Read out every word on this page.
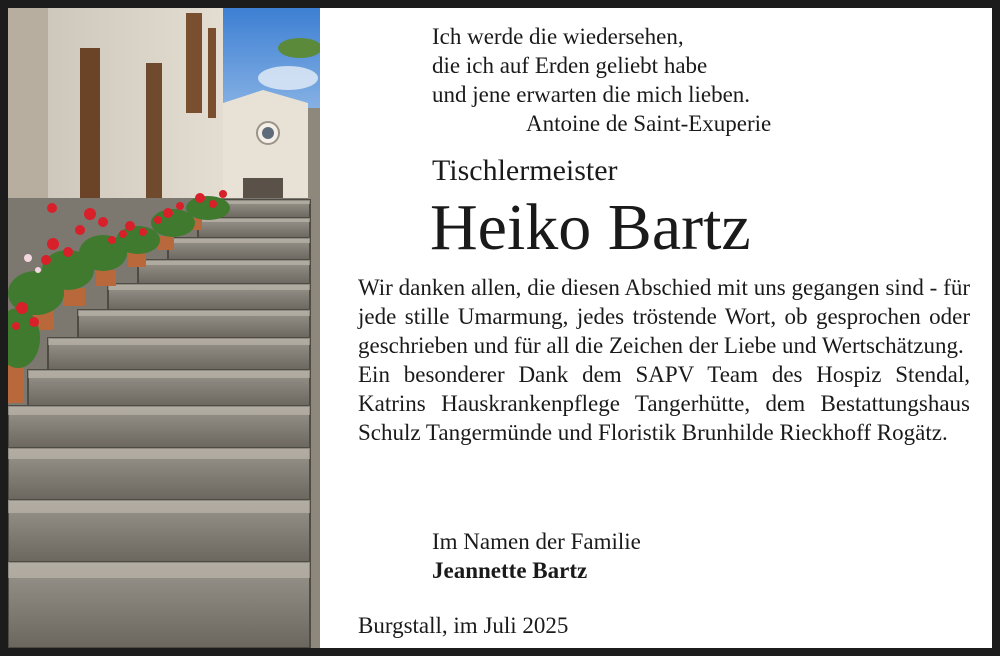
Ich werde die wiedersehen,
die ich auf Erden geliebt habe
und jene erwarten die mich lieben.
Antoine de Saint-Exuperie
Tischlermeister
Heiko Bartz

Wir danken allen, die diesen Abschied mit uns gegangen sind - für jede stille Umarmung, jedes tröstende Wort, ob gesprochen oder geschrieben und für all die Zeichen der Liebe und Wertschätzung.

Ein besonderer Dank dem SAPV Team des Hospiz Stendal, Katrins Hauskrankenpflege Tangerhütte, dem Bestattungshaus Schulz Tangermünde und Floristik Brunhilde Rieckhoff Rogätz.

Im Namen der Familie
Jeannette Bartz
Burgstall, im Juli 2025
